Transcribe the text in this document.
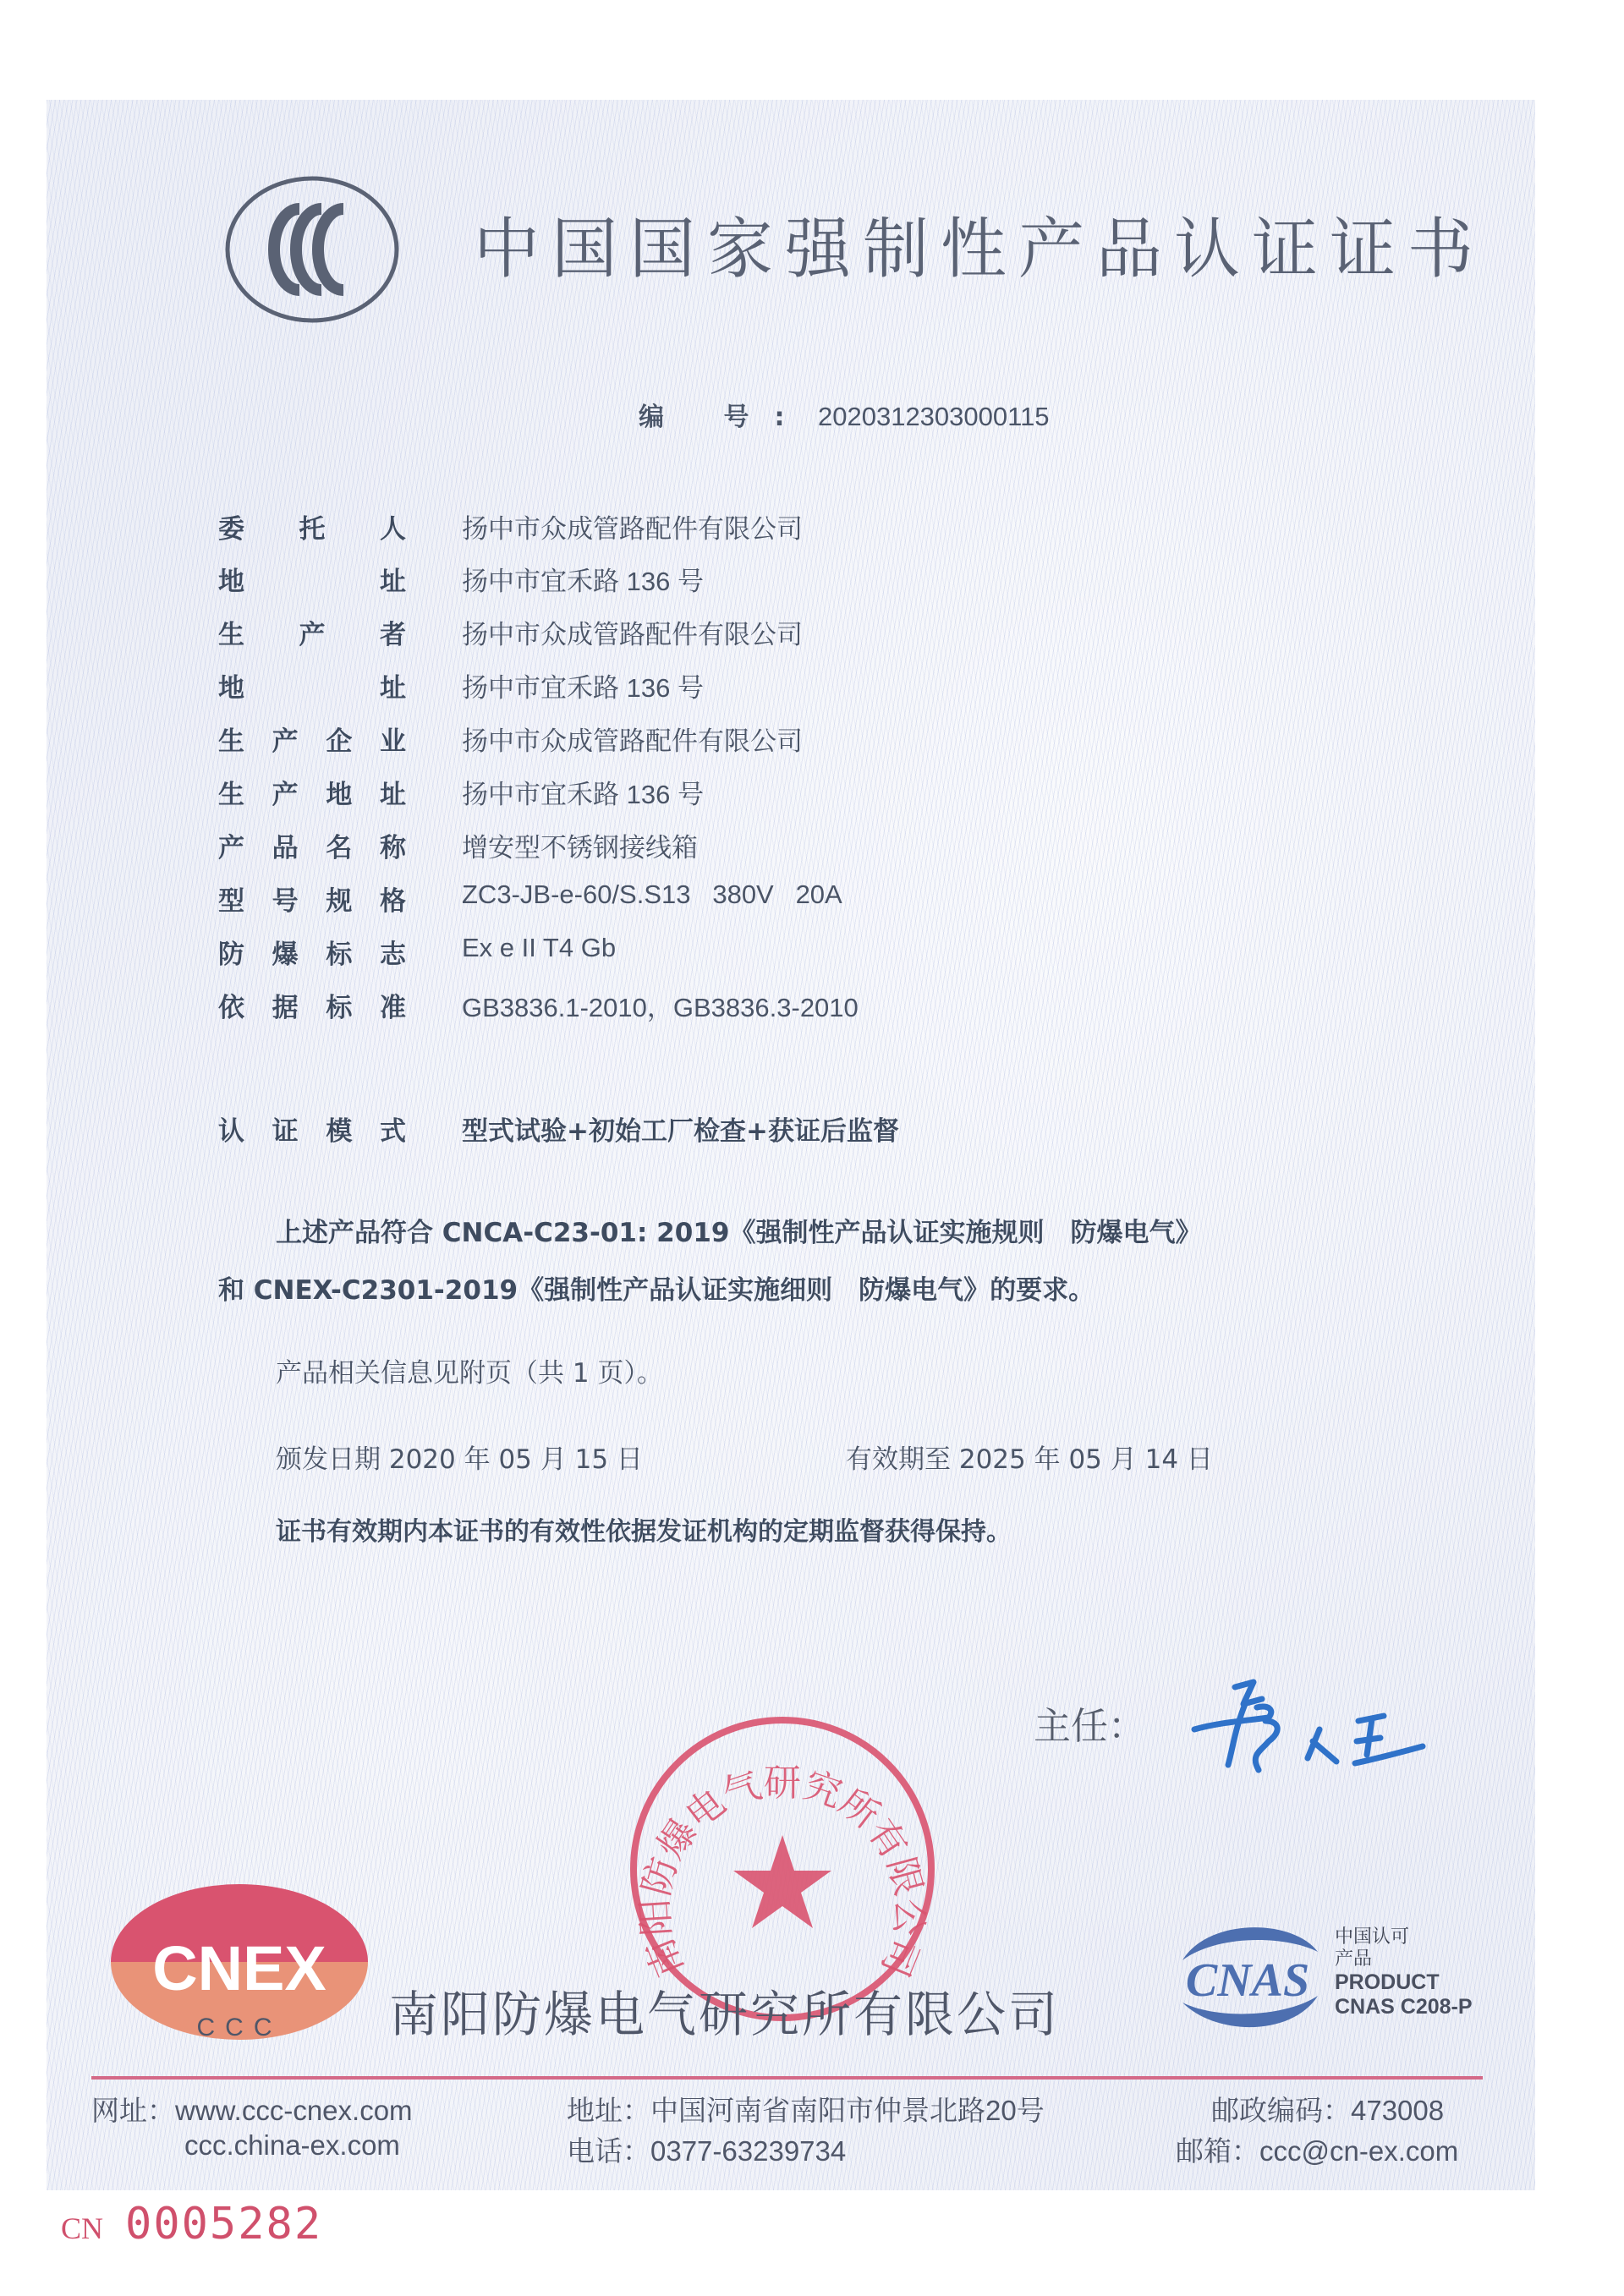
中国国家强制性产品认证证书
编 号: 2020312303000115
委 托 人 扬中市众成管路配件有限公司
地	址 扬中市宜禾路 136 号
生 产 者 扬中市众成管路配件有限公司
地	址 扬中市宜禾路 136 号
生 产 企 业 扬中市众成管路配件有限公司
生 产 地 址 扬中市宜禾路 136 号
产 品 名 称 增安型不锈钢接线箱
型 号 规 格 ZC3-JB-e-60/S.S13   380V   20A
防 爆 标 志 Ex e II T4 Gb
依 据 标 准 GB3836.1-2010，GB3836.3-2010
认 证 模 式 型式试验+初始工厂检查+获证后监督
上述产品符合 CNCA-C23-01: 2019《强制性产品认证实施规则　防爆电气》
和 CNEX-C2301-2019《强制性产品认证实施细则　防爆电气》的要求。
产品相关信息见附页（共 1 页）。
颁发日期 2020 年 05 月 15 日	有效期至 2025 年 05 月 14 日
证书有效期内本证书的有效性依据发证机构的定期监督获得保持。
主任：
南阳防爆电气研究所有限公司
CNEX
CCC 南阳防爆电气研究所有限公司
CNAS
中国认可
产品
PRODUCT
CNAS C208-P
网址：www.ccc-cnex.com
ccc.china-ex.com
地址：中国河南省南阳市仲景北路20号
电话：0377-63239734
邮政编码：473008
邮箱：ccc@cn-ex.com
CN 0005282
